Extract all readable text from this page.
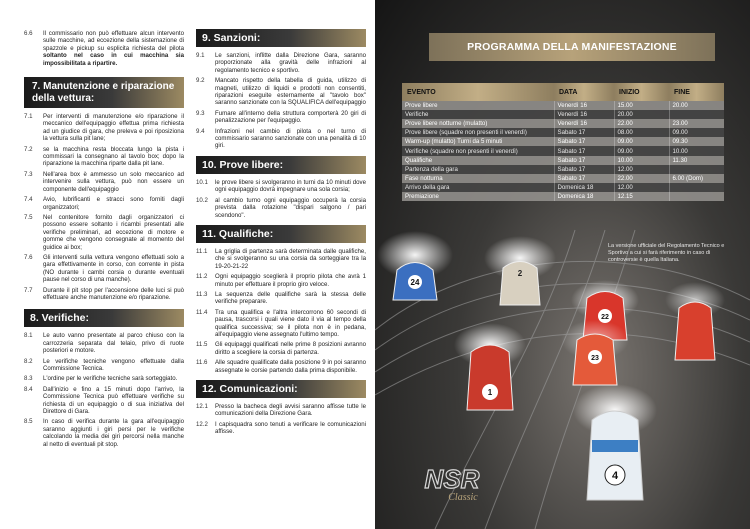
6.6	Il commissario non può effettuare alcun intervento sulle macchine, ad eccezione della sistemazione di spazzole e pickup su esplicita richiesta del pilota soltanto nel caso in cui macchina sia impossibilitata a ripartire.
7. Manutenzione e riparazione della vettura:
7.1	Per interventi di manutenzione e/o riparazione il meccanico dell'equipaggio effettua prima richiesta ad un giudice di gara, che preleva e poi riposiziona la vettura sulla pit lane;
7.2	se la macchina resta bloccata lungo la pista i commissari la consegnano al tavolo box; dopo la riparazione la macchina riparte dalla pit lane.
7.3	Nell'area box è ammesso un solo meccanico ad intervenire sulla vettura, può non essere un componente dell'equipaggio
7.4	Avio, lubrificanti e stracci sono forniti dagli organizzatori;
7.5	Nel contenitore fornito dagli organizzatori ci possono essere soltanto i ricambi presentati alle verifiche preliminari, ad eccezione di motore e gomme che vengono consegnate al momento del guidice ai box;
7.6	Gli interventi sulla vettura vengono effettuati solo a gara effettivamente in corso, con corrente in pista (NO durante i cambi corsia o durante eventuali pause nel corso di una manche).
7.7	Durante il pit stop per l'accensione delle luci si può effettuare anche manutenzione e/o riparazione.
8. Verifiche:
8.1	Le auto vanno presentate al parco chiuso con la carrozzeria separata dal telaio, privo di ruote posteriori e motore.
8.2	Le verifiche tecniche vengono effettuate dalla Commissione Tecnica.
8.3	L'ordine per le verifiche tecniche sarà sorteggiato.
8.4	Dall'inizio e fino a 15 minuti dopo l'arrivo, la Commissione Tecnica può effettuare verifiche su richiesta di un equipaggio o di sua iniziativa del Direttore di Gara.
8.5	In caso di verifica durante la gara all'equipaggio saranno aggiunti i giri persi per le verifiche calcolando la media dei giri percorsi nella manche al netto di eventuali pit stop.
9. Sanzioni:
9.1	Le sanzioni, inflitte dalla Direzione Gara, saranno proporzionate alla gravità delle infrazioni al regolamento tecnico e sportivo.
9.2	Mancato rispetto della tabella di guida, utilizzo di magneti, utilizzo di liquidi e prodotti non consentiti, riparazioni eseguite esternamente al "tavolo box" saranno sanzionate con la SQUALIFICA dell'equipaggio
9.3	Fumare all'interno della struttura comporterà 20 giri di penalizzazione per l'equipaggio.
9.4	Infrazioni nel cambio di pilota o nel turno di commissario saranno sanzionate con una penalità di 10 giri.
10. Prove libere:
10.1	le prove libere si svolgeranno in turni da 10 minuti dove ogni equipaggio dovrà impegnare una sola corsia;
10.2	al cambio turno ogni equipaggio occuperà la corsia prevista dalla rotazione "dispari salgono / pari scendono".
11. Qualifiche:
11.1	La griglia di partenza sarà determinata dalle qualifiche, che si svolgeranno su una corsia da sorteggiare tra la 19-20-21-22
11.2	Ogni equipaggio sceglierà il proprio pilota che avrà 1 minuto per effettuare il proprio giro veloce.
11.3	La sequenza delle qualifiche sarà la stessa delle verifiche preparare.
11.4	Tra una qualifica e l'altra intercorrono 60 secondi di pausa, trascorsi i quali viene dato il via al tempo della qualifica successiva; se il pilota non è in pedana, all'equipaggio viene assegnato l'ultimo tempo.
11.5	Gli equipaggi qualificati nelle prime 8 posizioni avranno diritto a scegliere la corsia di partenza.
11.6	Alle squadre qualificate dalla posizione 9 in poi saranno assegnate le corsie partendo dalla prima disponibile.
12. Comunicazioni:
12.1	Presso la bacheca degli avvisi saranno affisse tutte le comunicazioni della Direzione Gara.
12.2	I capisquadra sono tenuti a verificare le comunicazioni affisse.
24
2
22
23
1
4
PROGRAMMA DELLA MANIFESTAZIONE
EVENTO	DATA	INIZIO	FINE
Prove libere	Venerdì 16	15.00	20.00
Verifiche	Venerdì 16	20.00	
Prove libere notturne (mulatto)	Venerdì 16	22.00	23.00
Prove libere (squadre non presenti il venerdì)	Sabato 17	08.00	09.00
Warm-up (mulatto) Turni da 5 minuti	Sabato 17	09.00	09.30
Verifiche (squadre non presenti il venerdì)	Sabato 17	09.00	10.00
Qualifiche	Sabato 17	10.00	11.30
Partenza della gara	Sabato 17	12.00	
Fase notturna	Sabato 17	22.00	6.00 (Dom)
Arrivo della gara	Domenica 18	12.00	
Premiazione	Domenica 18	12.15	
La versione ufficiale del Regolamento Tecnico e Sportivo a cui si farà riferimento in caso di controversie è quella Italiana.
NSR
Classic
